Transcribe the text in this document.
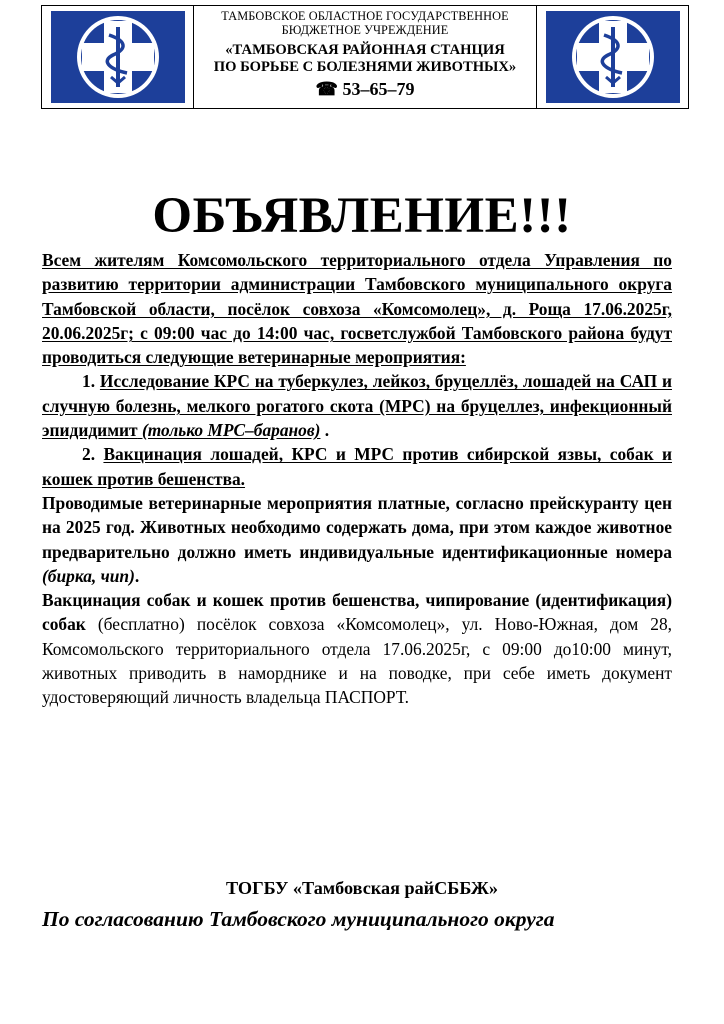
ТАМБОВСКОЕ ОБЛАСТНОЕ ГОСУДАРСТВЕННОЕ
БЮДЖЕТНОЕ УЧРЕЖДЕНИЕ
«ТАМБОВСКАЯ РАЙОННАЯ СТАНЦИЯ
ПО БОРЬБЕ С БОЛЕЗНЯМИ ЖИВОТНЫХ»
☎ 53–65–79
ОБЪЯВЛЕНИЕ!!!

Всем жителям Комсомольского территориального отдела Управления по развитию территории администрации Тамбовского муниципального округа Тамбовской области, посёлок совхоза «Комсомолец», д. Роща 17.06.2025г, 20.06.2025г; с 09:00 час до 14:00 час, госветслужбой Тамбовского района будут проводиться следующие ветеринарные мероприятия:

1. Исследование КРС на туберкулез, лейкоз, бруцеллёз, лошадей на САП и случную болезнь, мелкого рогатого скота (МРС) на бруцеллез, инфекционный эпидидимит (только МРС–баранов) .

2. Вакцинация лошадей, КРС и МРС против сибирской язвы, собак и кошек против бешенства.

Проводимые ветеринарные мероприятия платные, согласно прейскуранту цен на 2025 год. Животных необходимо содержать дома, при этом каждое животное предварительно должно иметь индивидуальные идентификационные номера (бирка, чип).

Вакцинация собак и кошек против бешенства, чипирование (идентификация) собак (бесплатно) посёлок совхоза «Комсомолец», ул. Ново-Южная, дом 28, Комсомольского территориального отдела 17.06.2025г, с 09:00 до10:00 минут, животных приводить в наморднике и на поводке, при себе иметь документ удостоверяющий личность владельца ПАСПОРТ.

ТОГБУ «Тамбовская райСББЖ»
По согласованию Тамбовского муниципального округа
